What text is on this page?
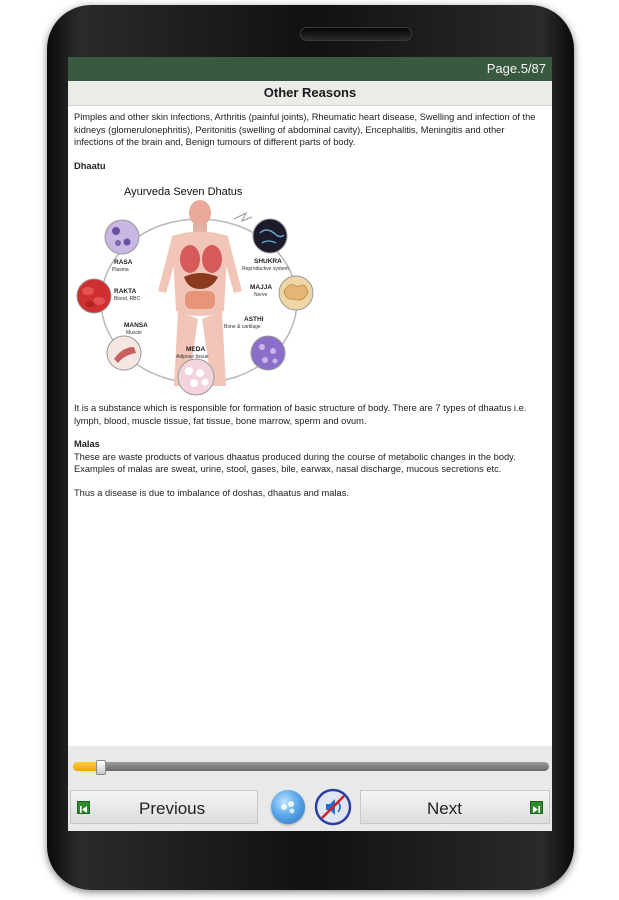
Page.5/87
Other Reasons

Pimples and other skin infections, Arthritis (painful joints), Rheumatic heart disease, Swelling and infection of the kidneys (glomerulonephritis), Peritonitis (swelling of abdominal cavity), Encephalitis, Meningitis and other infections of the brain and, Benign tumours of different parts of body.

Dhaatu
Ayurveda Seven Dhatus
RASA
Plasma
RAKTA
Blood, RBC
MANSA
Muscle
MEDA
Adipose tissue
ASTHI
Bone & cartilage
MAJJA
Nerve
SHUKRA
Reproductive system

It is a substance which is responsible for formation of basic structure of body. There are 7 types of dhaatus i.e. lymph, blood, muscle tissue, fat tissue, bone marrow, sperm and ovum.

Malas

These are waste products of various dhaatus produced during the course of metabolic changes in the body. Examples of malas are sweat, urine, stool, gases, bile, earwax, nasal discharge, mucous secretions etc.

Thus a disease is due to imbalance of doshas, dhaatus and malas.

Previous	Next
